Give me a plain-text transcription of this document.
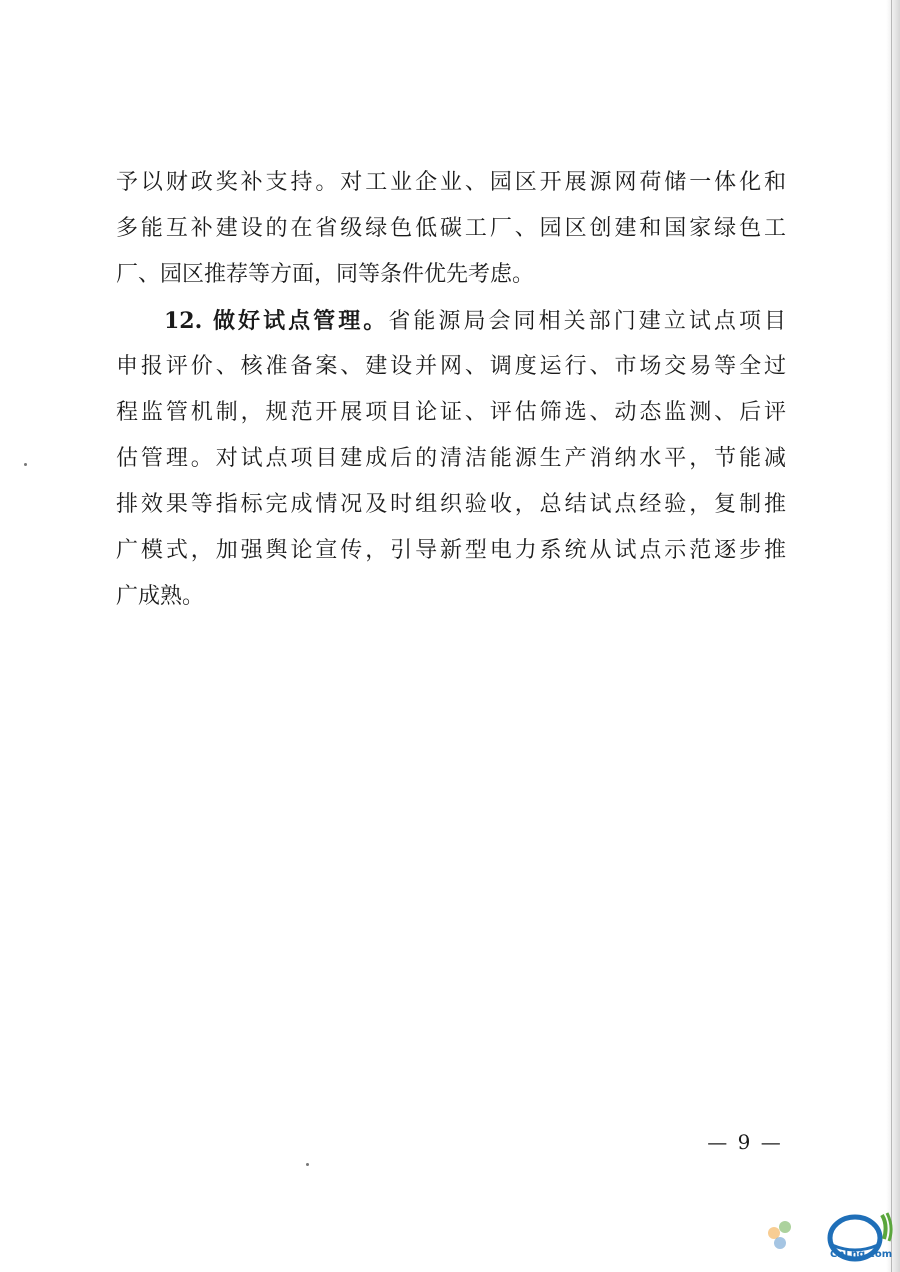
予以财政奖补支持。对工业企业、园区开展源网荷储一体化和
多能互补建设的在省级绿色低碳工厂、园区创建和国家绿色工
厂、园区推荐等方面，同等条件优先考虑。
12. 做好试点管理。省能源局会同相关部门建立试点项目
申报评价、核准备案、建设并网、调度运行、市场交易等全过
程监管机制，规范开展项目论证、评估筛选、动态监测、后评
估管理。对试点项目建成后的清洁能源生产消纳水平，节能减
排效果等指标完成情况及时组织验收，总结试点经验，复制推
广模式，加强舆论宣传，引导新型电力系统从试点示范逐步推
广成熟。
— 9 —
CnLng.com
